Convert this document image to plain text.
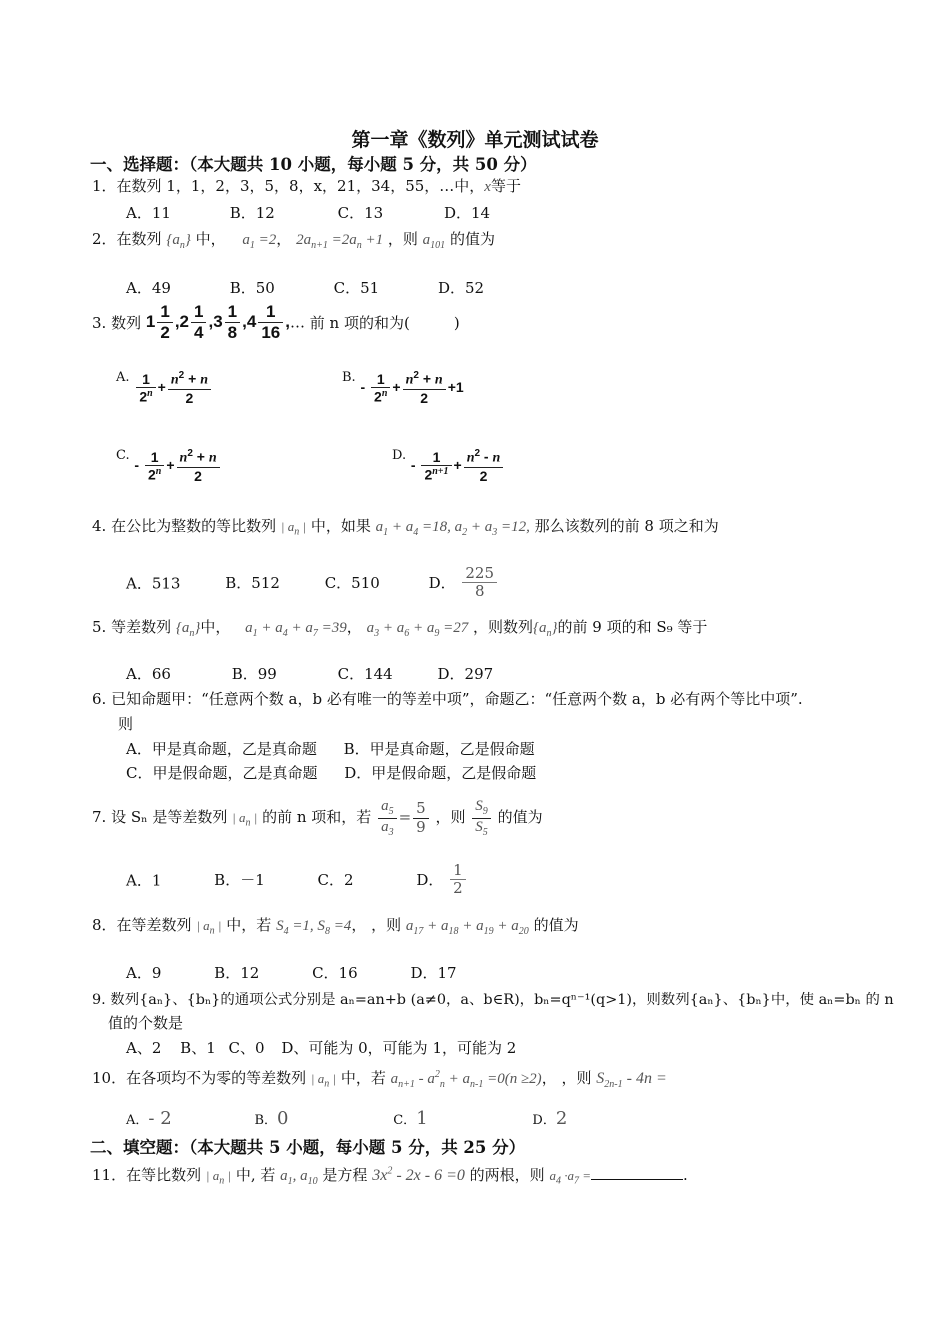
第一章《数列》单元测试试卷
一、选择题：（本大题共 10 小题，每小题 5 分，共 50 分）
1．在数列 1，1，2，3，5，8，x，21，34，55，…中，x等于
A．11	B．12	C．13	D．14
2．在数列 $\{a_n\}$ 中， $a_1 =2$， $2a_{n+1} =2a_n +1$ ，则 $a_{101}$ 的值为
A．49	B．50	C．51	D．52
3. 数列 $1 \frac{1}{2} ,2 \frac{1}{4} ,3 \frac{1}{8} ,4 \frac{1}{16}$ ,… 前 n 项的和为(	)
A. $\frac{1}{2^n} + \frac{n^2 + n}{2}$	B. - $\frac{1}{2^n} + \frac{n^2 + n}{2} +1$
C. - $\frac{1}{2^n} + \frac{n^2 + n}{2}$	D. - $\frac{1}{2^{n+1}} + \frac{n^2 - n}{2}$
4. 在公比为整数的等比数列 | $a_n$ | 中，如果 $a_1 + a_4 =18$, $a_2 + a_3 =12$, 那么该数列的前 8 项之和为
A．513	B．512	C．510	D． $\frac{225}{8}$
5. 等差数列 $\{a_n\}$中， $a_1 + a_4 + a_7 =39$， $a_3 + a_6 + a_9 =27$ ，则数列$\{a_n\}$的前 9 项的和 S₉ 等于
A．66	B．99	C．144	D．297
6. 已知命题甲：“任意两个数 a，b 必有唯一的等差中项”，命题乙：“任意两个数 a，b 必有两个等比中项”.
则
A．甲是真命题，乙是真命题 B．甲是真命题，乙是假命题
C．甲是假命题，乙是真命题 D．甲是假命题，乙是假命题
7. 设 Sₙ 是等差数列 | $a_n$ | 的前 n 项和，若 $\frac{a_5}{a_3} = \frac{5}{9}$ ，则 $\frac{S_9}{S_5}$ 的值为
A．1	B．－1	C．2	D． $\frac{1}{2}$
8．在等差数列 | $a_n$ | 中，若 $S_4 =1$, $S_8 =4$， ，则 $a_{17} + a_{18} + a_{19} + a_{20}$ 的值为
A．9	B．12	C．16	D．17
9. 数列{aₙ}、{bₙ}的通项公式分别是 aₙ=an+b (a≠0，a、b∈R)，bₙ=qⁿ⁻¹(q>1)，则数列{aₙ}、{bₙ}中，使 aₙ=bₙ 的 n
值的个数是
A、2 B、1 C、0 D、可能为 0，可能为 1，可能为 2
10．在各项均不为零的等差数列 | $a_n$ | 中，若 $a_{n+1} - a^2_n + a_{n-1} =0(n \ge 2)$， ，则 $S_{2n-1} - 4n$ =
A．- 2	B．0	C．1	D．2
二、填空题：（本大题共 5 小题，每小题 5 分，共 25 分）
11．在等比数列 | $a_n$ | 中, 若 $a_1$, $a_{10}$ 是方程 $3x^2 - 2x - 6 =0$ 的两根，则 $a_4 \cdot a_7$ =	.
